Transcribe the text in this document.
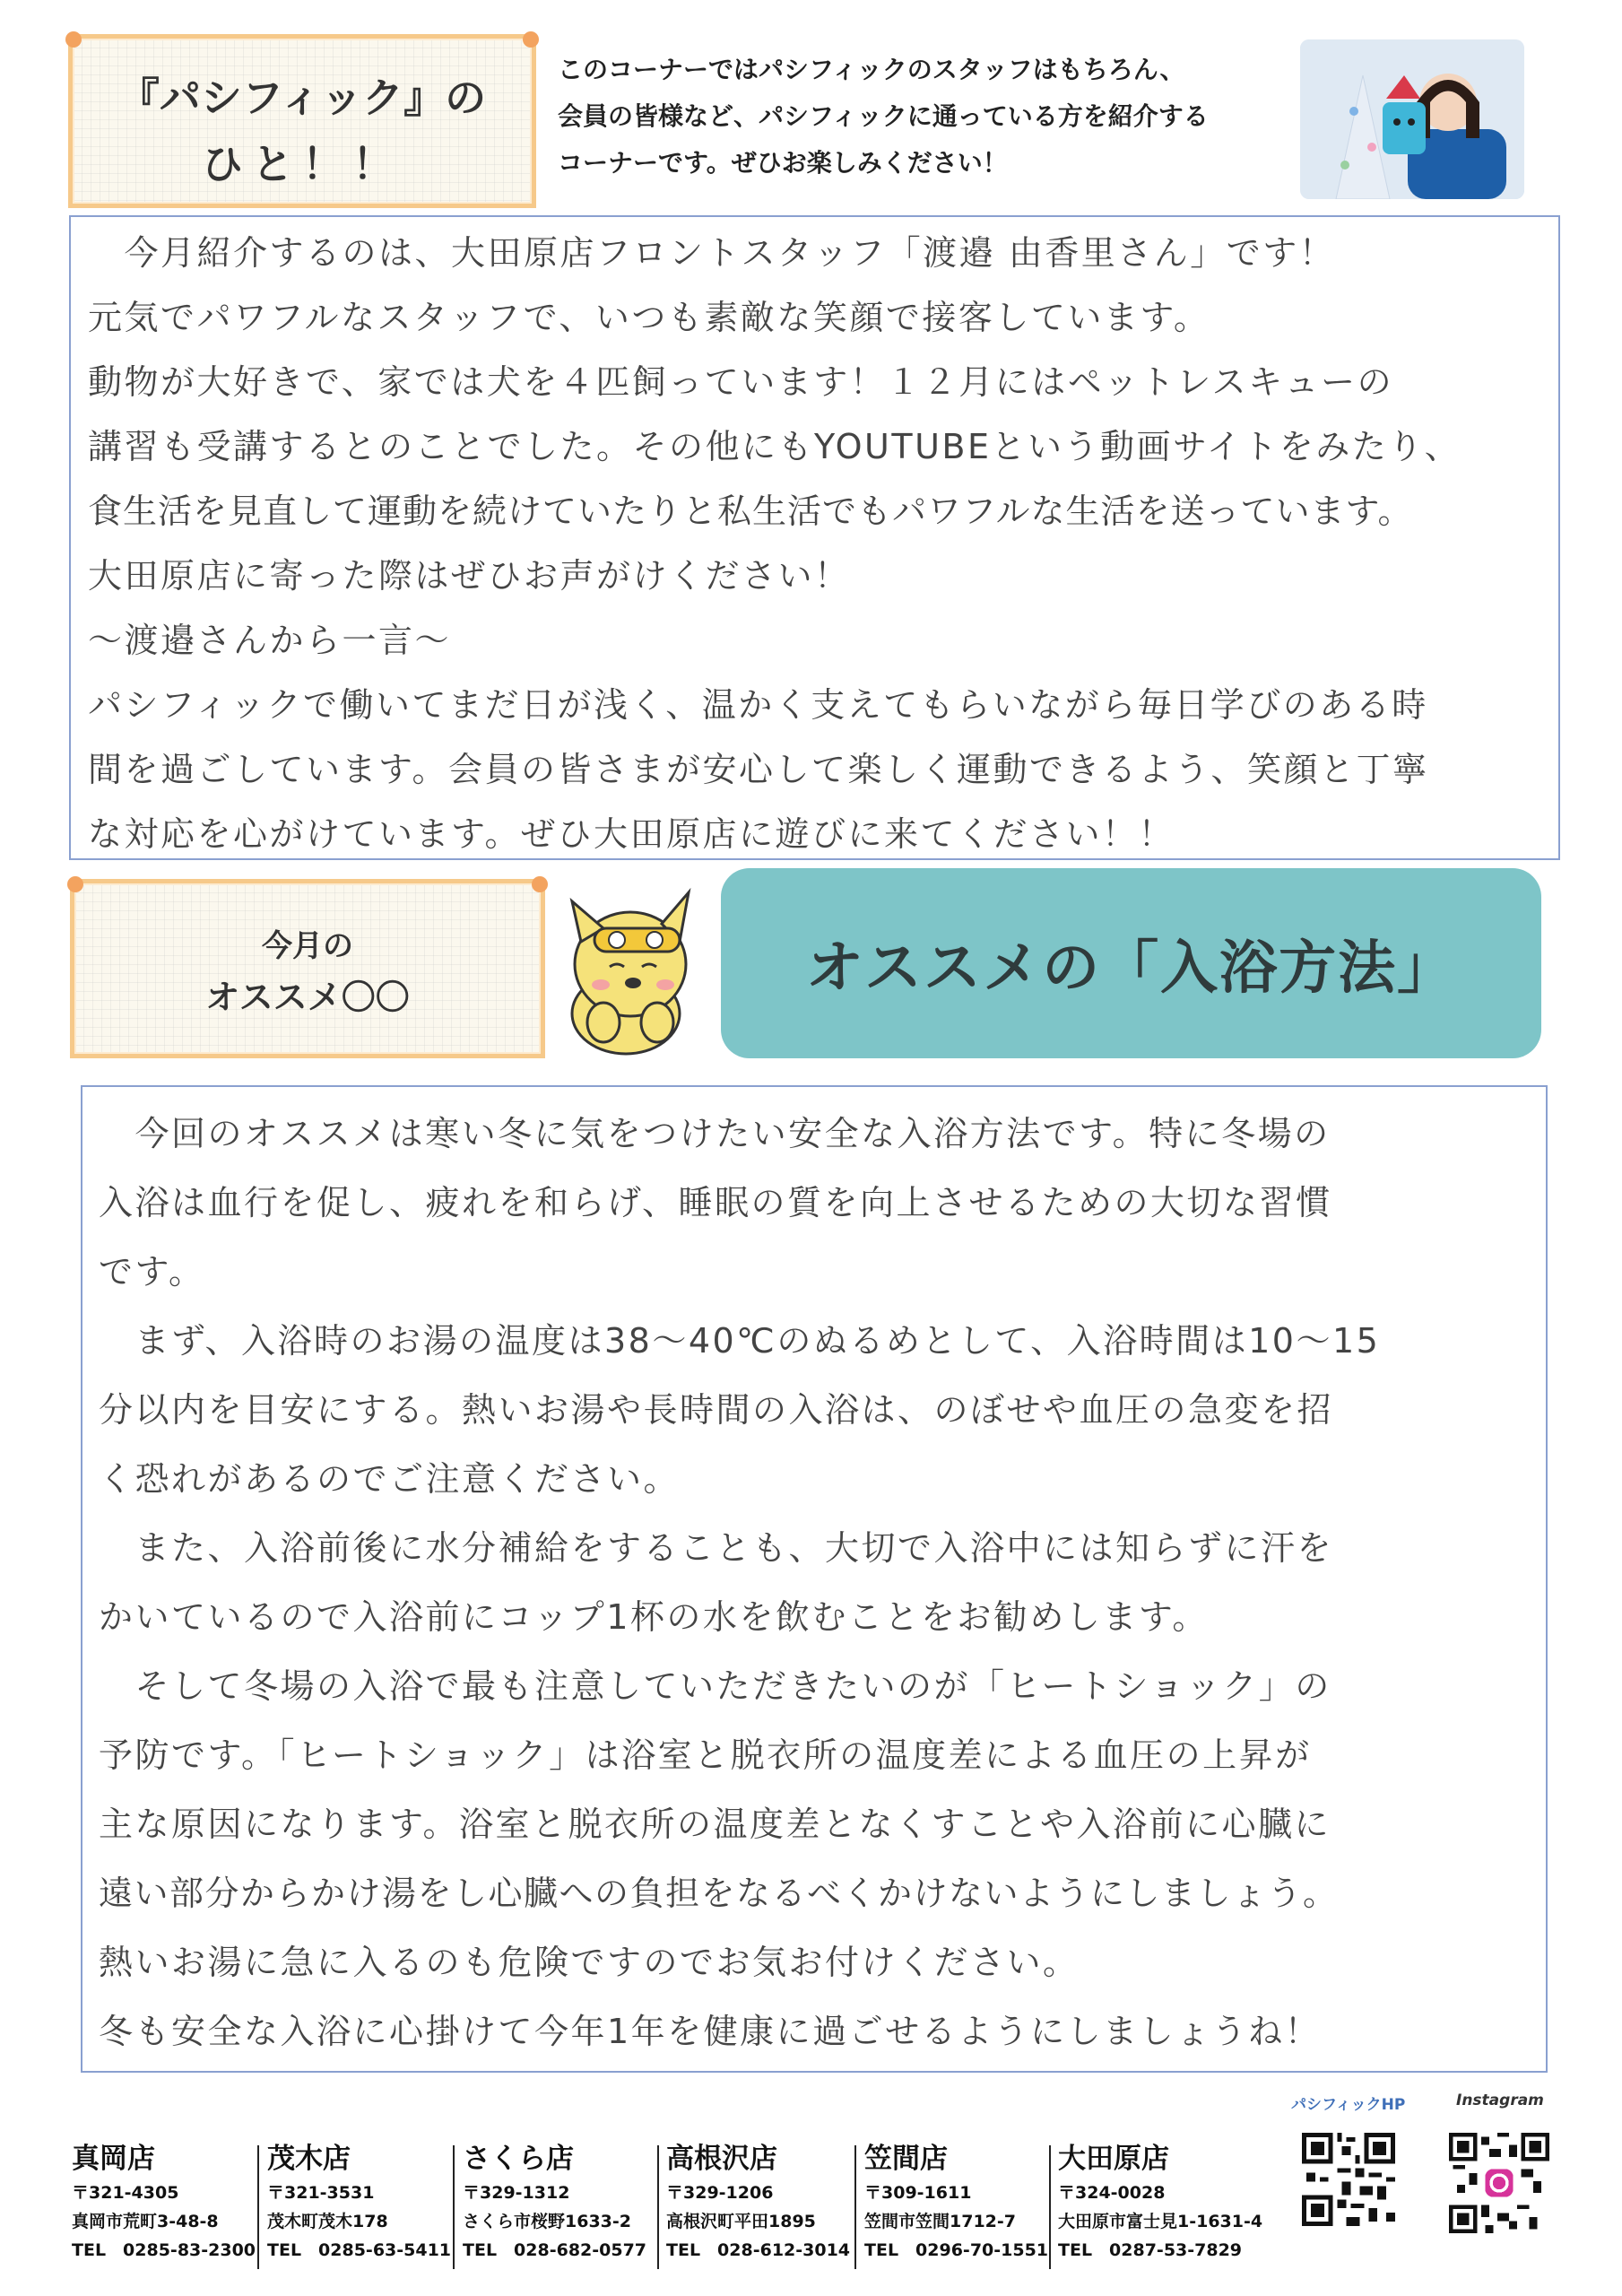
『パシフィック』の
ひと！！
このコーナーではパシフィックのスタッフはもちろん、
会員の皆様など、パシフィックに通っている方を紹介する
コーナーです。ぜひお楽しみください！

　今月紹介するのは、大田原店フロントスタッフ「渡邉 由香里さん」です！

元気でパワフルなスタッフで、いつも素敵な笑顔で接客しています。

動物が大好きで、家では犬を４匹飼っています！１２月にはペットレスキューの

講習も受講するとのことでした。その他にもYOUTUBEという動画サイトをみたり、

食生活を見直して運動を続けていたりと私生活でもパワフルな生活を送っています。

大田原店に寄った際はぜひお声がけください！

～渡邉さんから一言～

パシフィックで働いてまだ日が浅く、温かく支えてもらいながら毎日学びのある時

間を過ごしています。会員の皆さまが安心して楽しく運動できるよう、笑顔と丁寧

な対応を心がけています。ぜひ大田原店に遊びに来てください！！

今月の
オススメ〇〇	オススメの「入浴方法」

　今回のオススメは寒い冬に気をつけたい安全な入浴方法です。特に冬場の

入浴は血行を促し、疲れを和らげ、睡眠の質を向上させるための大切な習慣

です。

　まず、入浴時のお湯の温度は38～40℃のぬるめとして、入浴時間は10～15

分以内を目安にする。熱いお湯や長時間の入浴は、のぼせや血圧の急変を招

く恐れがあるのでご注意ください。

　また、入浴前後に水分補給をすることも、大切で入浴中には知らずに汗を

かいているので入浴前にコップ1杯の水を飲むことをお勧めします。

　そして冬場の入浴で最も注意していただきたいのが「ヒートショック」の

予防です。「ヒートショック」は浴室と脱衣所の温度差による血圧の上昇が

主な原因になります。浴室と脱衣所の温度差となくすことや入浴前に心臓に

遠い部分からかけ湯をし心臓への負担をなるべくかけないようにしましょう。

熱いお湯に急に入るのも危険ですのでお気お付けください。

冬も安全な入浴に心掛けて今年1年を健康に過ごせるようにしましょうね！

真岡店
〒321-4305
真岡市荒町3-48-8
TEL　0285-83-2300
茂木店
〒321-3531
茂木町茂木178
TEL　0285-63-5411
さくら店
〒329-1312
さくら市桜野1633-2
TEL　028-682-0577
高根沢店
〒329-1206
高根沢町平田1895
TEL　028-612-3014
笠間店
〒309-1611
笠間市笠間1712-7
TEL　0296-70-1551
大田原店
〒324-0028
大田原市富士見1-1631-4
TEL　0287-53-7829
パシフィックHP	Instagram
